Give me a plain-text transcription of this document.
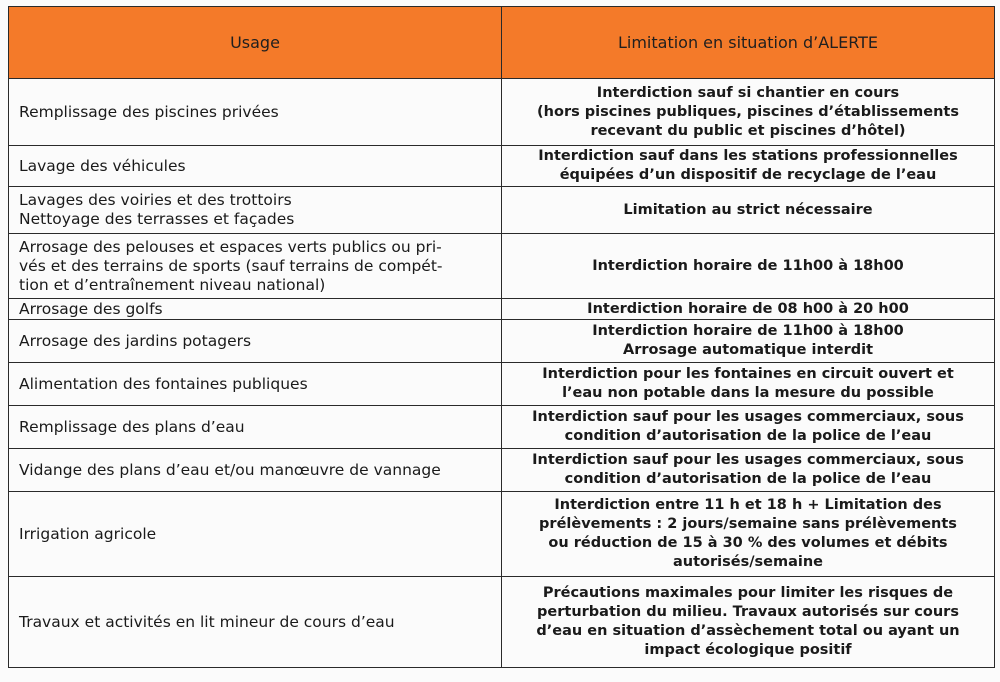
Usage	Limitation en situation d’ALERTE

Remplissage des piscines privées	Interdiction sauf si chantier en cours
(hors piscines publiques, piscines d’établissements
recevant du public et piscines d’hôtel)

Lavage des véhicules	Interdiction sauf dans les stations professionnelles
équipées d’un dispositif de recyclage de l’eau

Lavages des voiries et des trottoirs
Nettoyage des terrasses et façades	Limitation au strict nécessaire

Arrosage des pelouses et espaces verts publics ou pri-
vés et des terrains de sports (sauf terrains de compét-
tion et d’entraînement niveau national)	Interdiction horaire de 11h00 à 18h00

Arrosage des golfs	Interdiction horaire de 08 h00 à 20 h00

Arrosage des jardins potagers	Interdiction horaire de 11h00 à 18h00
Arrosage automatique interdit

Alimentation des fontaines publiques	Interdiction pour les fontaines en circuit ouvert et
l’eau non potable dans la mesure du possible

Remplissage des plans d’eau	Interdiction sauf pour les usages commerciaux, sous
condition d’autorisation de la police de l’eau

Vidange des plans d’eau et/ou manœuvre de vannage	Interdiction sauf pour les usages commerciaux, sous
condition d’autorisation de la police de l’eau

Irrigation agricole	Interdiction entre 11 h et 18 h + Limitation des
prélèvements : 2 jours/semaine sans prélèvements
ou réduction de 15 à 30 % des volumes et débits
autorisés/semaine

Travaux et activités en lit mineur de cours d’eau	Précautions maximales pour limiter les risques de
perturbation du milieu. Travaux autorisés sur cours
d’eau en situation d’assèchement total ou ayant un
impact écologique positif
